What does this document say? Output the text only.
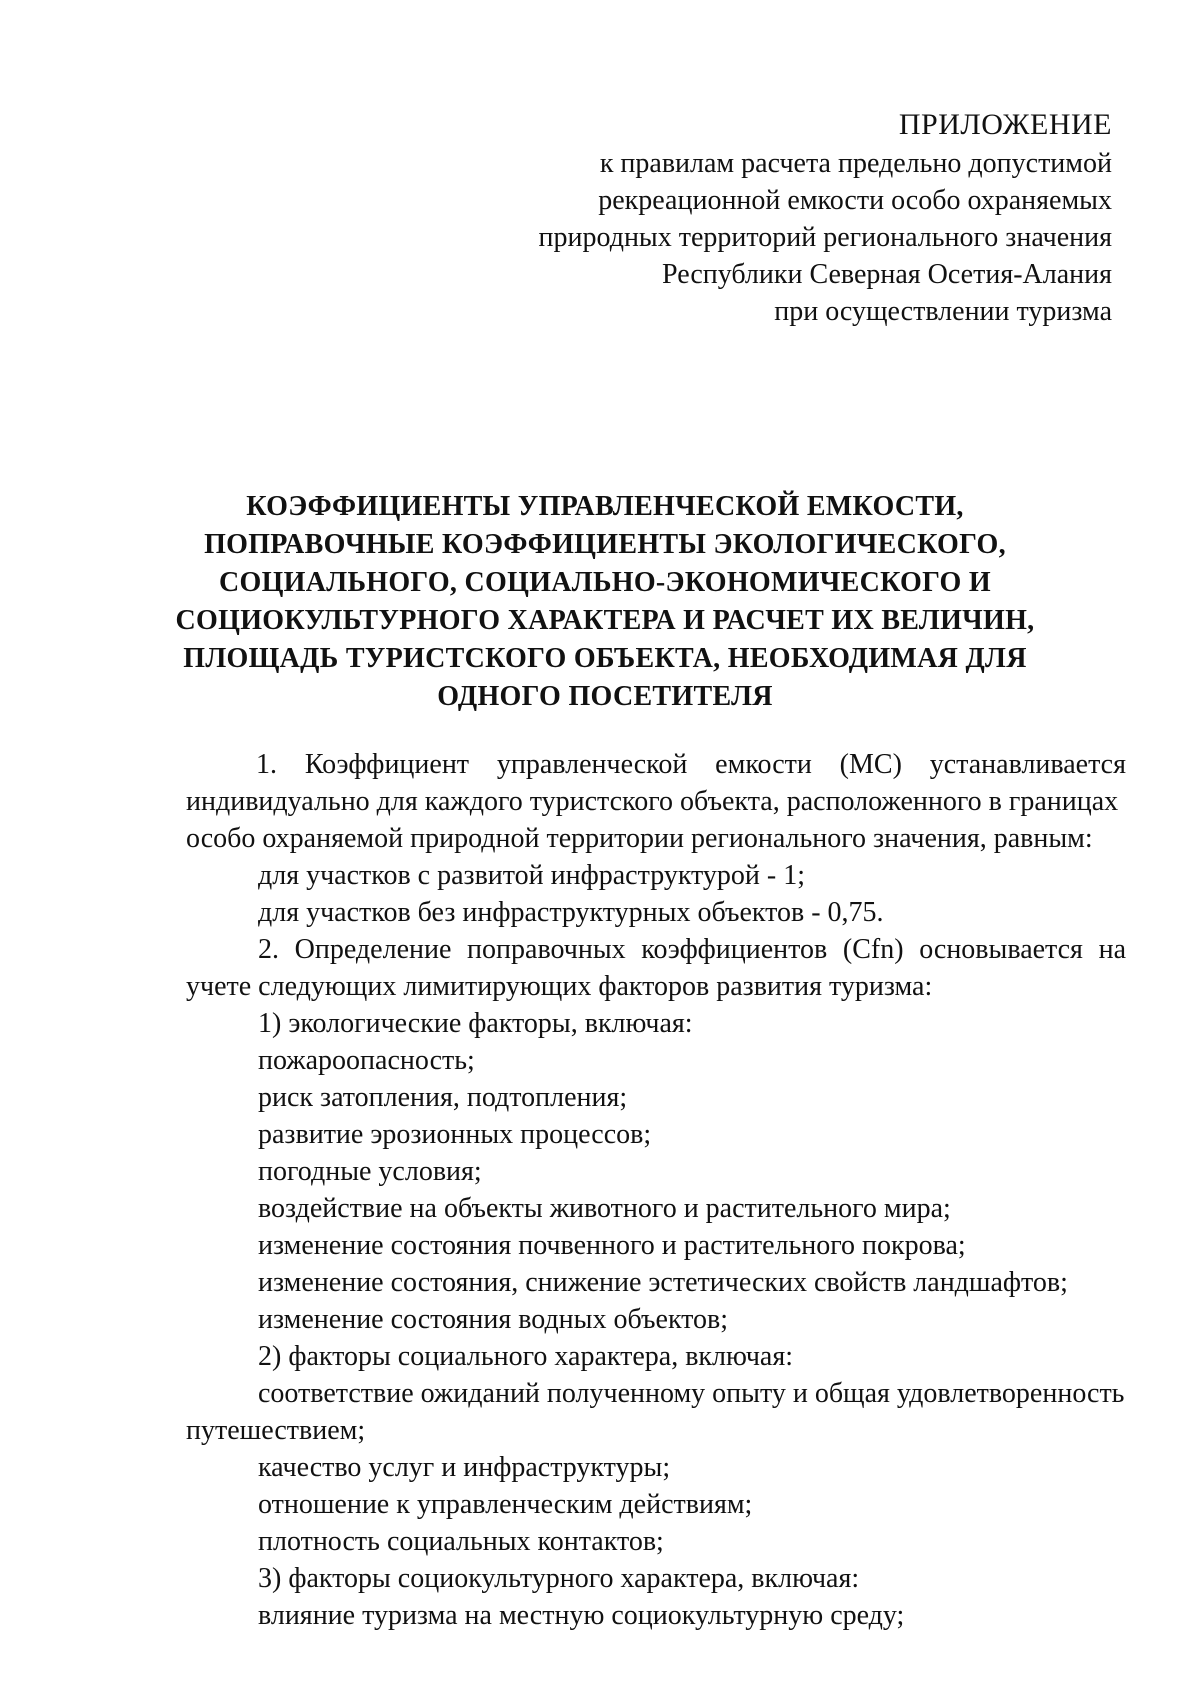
ПРИЛОЖЕНИЕ
к правилам расчета предельно допустимой
рекреационной емкости особо охраняемых
природных территорий регионального значения
Республики Северная Осетия-Алания
при осуществлении туризма
КОЭФФИЦИЕНТЫ УПРАВЛЕНЧЕСКОЙ ЕМКОСТИ,
ПОПРАВОЧНЫЕ КОЭФФИЦИЕНТЫ ЭКОЛОГИЧЕСКОГО,
СОЦИАЛЬНОГО, СОЦИАЛЬНО-ЭКОНОМИЧЕСКОГО И
СОЦИОКУЛЬТУРНОГО ХАРАКТЕРА И РАСЧЕТ ИХ ВЕЛИЧИН,
ПЛОЩАДЬ ТУРИСТСКОГО ОБЪЕКТА, НЕОБХОДИМАЯ ДЛЯ
ОДНОГО ПОСЕТИТЕЛЯ
1. Коэффициент управленческой емкости (МС) устанавливается
индивидуально для каждого туристского объекта, расположенного в границах
особо охраняемой природной территории регионального значения, равным:
для участков с развитой инфраструктурой - 1;
для участков без инфраструктурных объектов - 0,75.
2. Определение поправочных коэффициентов (Cfn) основывается на
учете следующих лимитирующих факторов развития туризма:
1) экологические факторы, включая:
пожароопасность;
риск затопления, подтопления;
развитие эрозионных процессов;
погодные условия;
воздействие на объекты животного и растительного мира;
изменение состояния почвенного и растительного покрова;
изменение состояния, снижение эстетических свойств ландшафтов;
изменение состояния водных объектов;
2) факторы социального характера, включая:
соответствие ожиданий полученному опыту и общая удовлетворенность
путешествием;
качество услуг и инфраструктуры;
отношение к управленческим действиям;
плотность социальных контактов;
3) факторы социокультурного характера, включая:
влияние туризма на местную социокультурную среду;
